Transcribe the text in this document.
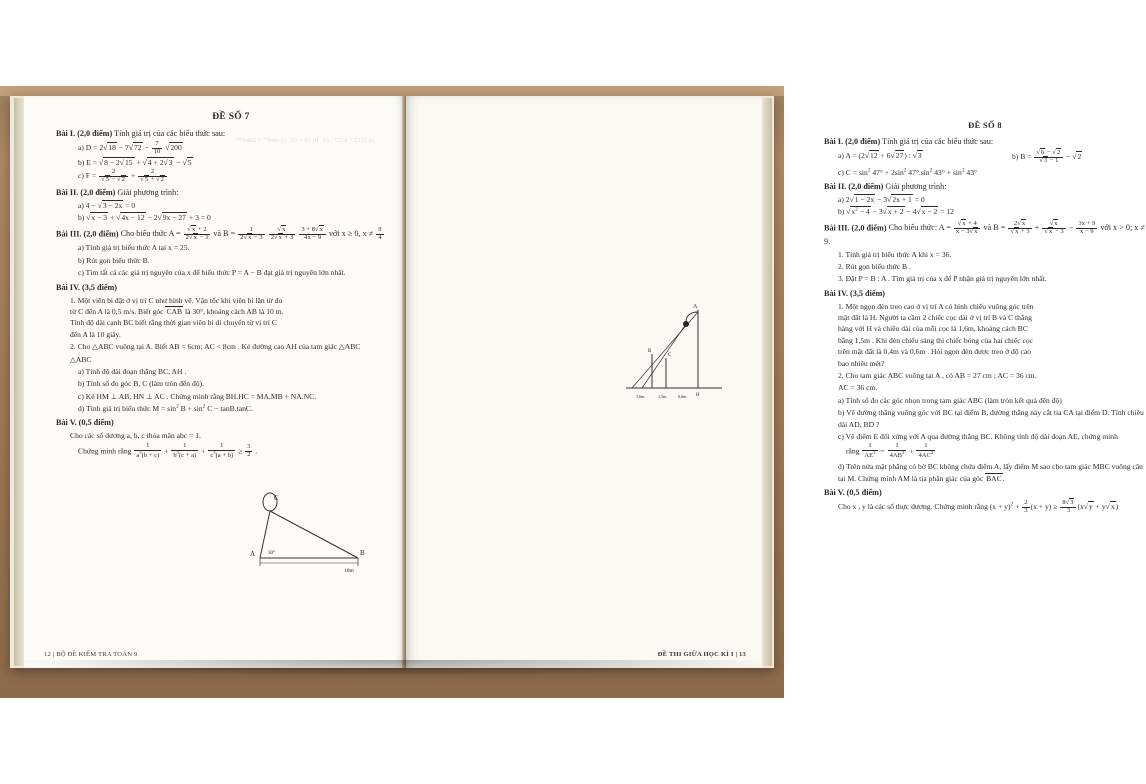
a) 2√12 + 6√27 : √3   b) √6 − √2   c) sin47° + 2sin47°
ĐỀ SỐ 7
Bài I. (2,0 điểm) Tính giá trị của các biểu thức sau:
a) $D = 2√18 - 7√72 - \frac{7}{10} √200$
b) E = √8 − 2√15 + √4 + 2√3 − √5
c) $F = \frac{2}{√5 - √2} + \frac{2}{√5 + √2}$
Bài II. (2,0 điểm) Giải phương trình:
a) 4 − √3 − 2x = 0
b) √x − 3 + √4x − 12 − 2√9x − 27 + 3 = 0
Bài III. (2,0 điểm) Cho biểu thức $A = \frac{√x + 2}{2√x - 3}$ và $B = \frac{1}{2√x - 3}$
$\frac{√x}{2√x + 3}$
$\frac{3 + 8√x}{4x - 9}$ với x ≥ 0, $x \ne \frac{9}{4}$
a) Tính giá trị biểu thức A tại x = 25.
b) Rút gọn biểu thức B.
c) Tìm tất cả các giá trị nguyên của x để biểu thức P = A − B đạt giá trị nguyên lớn nhất.
Bài IV. (3,5 điểm)
1. Một viên bi đặt ở vị trí C như hình vẽ. Vận tốc khi viên bi lăn từ đo từ C đến A là 0,5 m/s. Biết góc CAB là 30°, khoảng cách AB là 10 m. Tính độ dài cạnh BC biết rằng thời gian viên bi di chuyển từ vị trí C đến A là 10 giây.
2. Cho △ABC vuông tại A. Biết AB = 6cm; AC < 8cm . Kẻ đường cao AH của tam giác △ABC
△ABC
a) Tính độ dài đoạn thẳng BC, AH .
b) Tính số đo góc B, C (làm tròn đến độ).
c) Kẻ HM ⊥ AB, HN ⊥ AC . Chứng minh rằng BH.HC = MA.MB + NA.NC.
d) Tính giá trị biểu thức $M = \sin^2 B + \sin^2 C - \tan B.\tan C$.
Bài V. (0,5 điểm)
Cho các số dương a, b, c thỏa mãn abc = 1.
Chứng minh rằng $\frac{1}{a^3(b + c)} + \frac{1}{b^3(c + a)} + \frac{1}{c^3(a + b)} \ge \frac{3}{2}$ .
C
A	B
10m
30°
12 | BỘ ĐỀ KIỂM TRA TOÁN 9
ĐỀ SỐ 8
Bài I. (2,0 điểm) Tính giá trị của các biểu thức sau:
a) A = (2√12 + 6√27) : √3	b) $B = \frac{√6 - √2}{√3 - 1} - √2$
c) $C = \sin^2 47^\circ + 2\sin^2$ $47^\circ.\sin^2$ $43^\circ + \sin^2 43^\circ$
Bài II. (2,0 điểm) Giải phương trình:
a) 2√1 − 2x − 3√2x + 1 = 0
b) $√x^2 - 4 - 3√x + 2 - 4√x - 2 = 12$
Bài III. (2,0 điểm) Cho biểu thức: $A = \frac{√x + 4}{x - 3√x}$ và $B = \frac{2√x}{√x + 3} + \frac{√x}{√x - 3} - \frac{3x + 9}{x - 9}$ với x > 0; x ≠ 9.
1. Tính giá trị biểu thức A khi x = 36.
2. Rút gọn biểu thức B .
3. Đặt P = B : A . Tìm giá trị của x để P nhận giá trị nguyên lớn nhất.
Bài IV. (3,5 điểm)
1. Một ngọn đèn treo cao ở vị trí A có hình chiếu vuông góc trên mặt đất là H. Người ta cầm 2 chiếc cọc dài ở vị trí B và C thẳng hàng với H và chiều dài của mỗi cọc là 1,6m, khoảng cách BC bằng 1,5m . Khi đèn chiếu sáng thì chiếc bóng của hai chiếc cọc trên mặt đất là 0,4m và 0,6m . Hỏi ngọn đèn được treo ở độ cao bao nhiêu mét?
2. Cho tam giác ABC vuông tại A , có AB = 27 cm ; AC = 36 cm.
AC = 36 cm.
a) Tính số đo các góc nhọn trong tam giác ABC (làm tròn kết quả đến độ)
b) Vẽ đường thẳng vuông góc với BC tại điểm B, đường thẳng này cắt tia CA tại điểm D. Tính chiều dài AD, BD ?
c) Vẽ điểm E đối xứng với A qua đường thẳng BC. Không tính độ dài đoạn AE, chứng minh
rằng $\frac{1}{AE^2} = \frac{1}{4AB^2} + \frac{1}{4AC^2}$
d) Trên nửa mặt phẳng có bờ BC không chứa điểm A, lấy điểm M sao cho tam giác MBC vuông cân tại M. Chứng minh AM là tia phân giác của góc BAC.
Bài V. (0,5 điểm)
Cho x , y là các số thực dương. Chứng minh rằng $(x + y)^2 + \frac{2}{3} (x + y) \ge \frac{8√3}{3} (x√y + y√x)$
A
B
C
H
1,6m	1,5m	0,6m
ĐỀ THI GIỮA HỌC KÌ I | 13
